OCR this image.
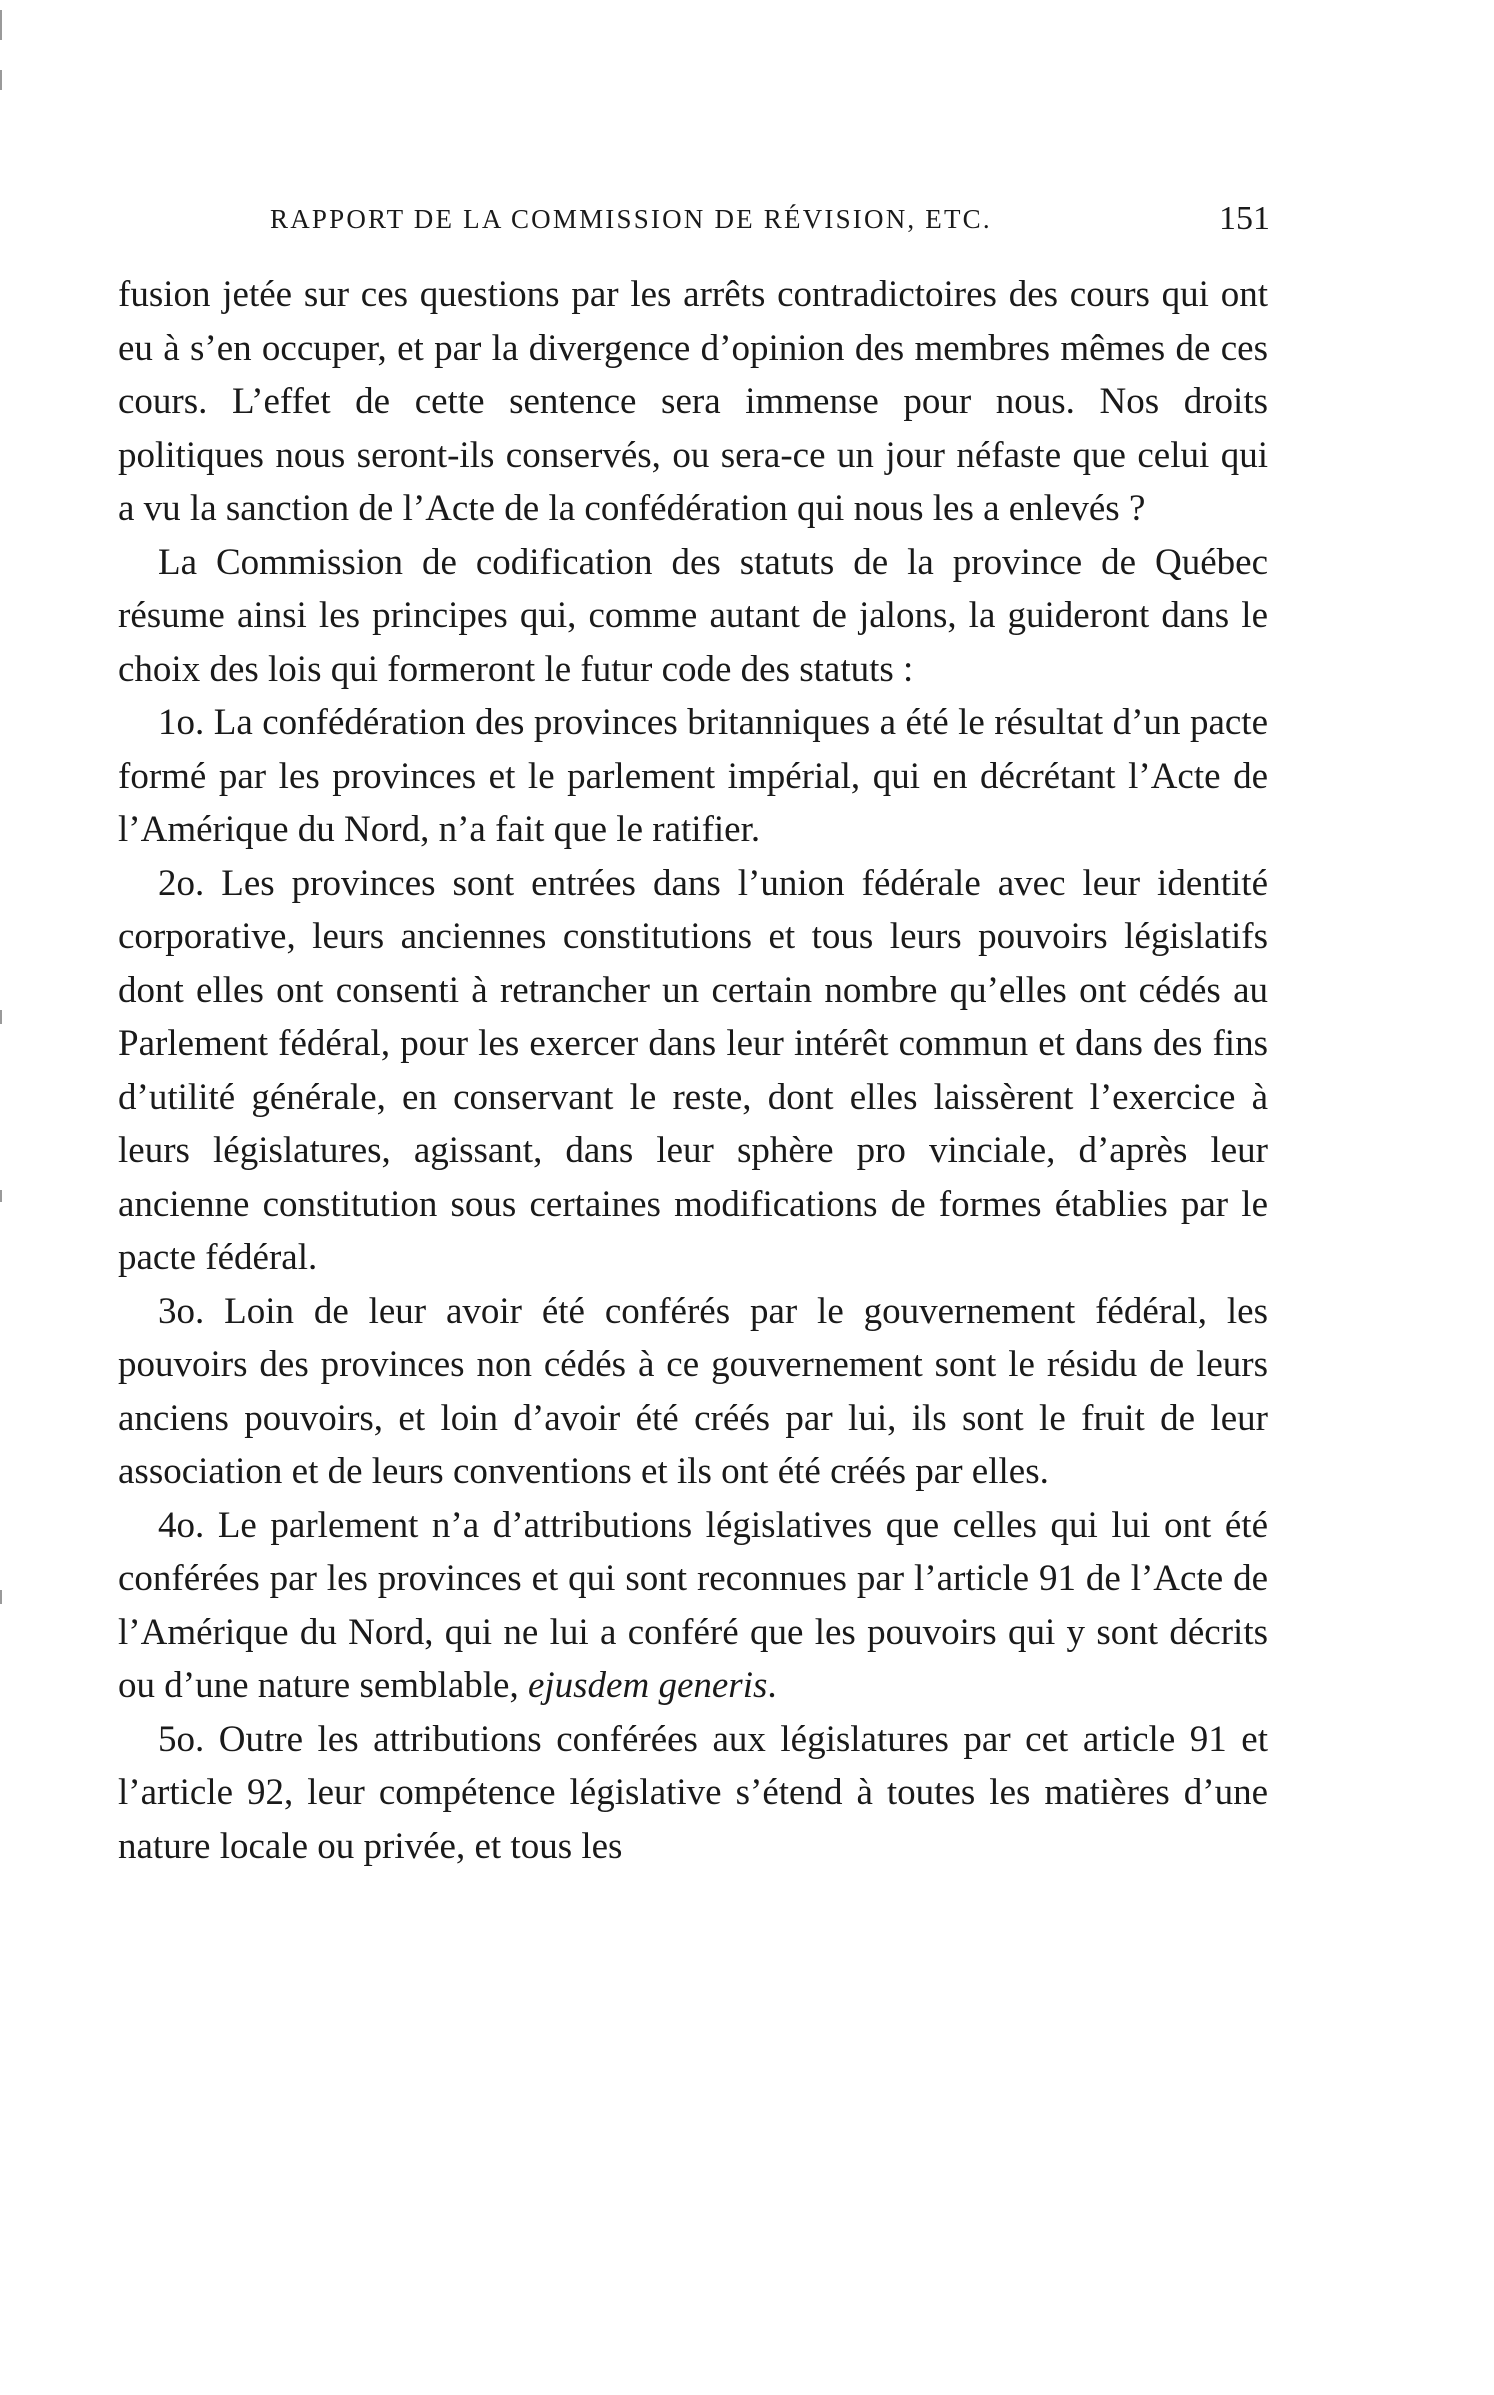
RAPPORT DE LA COMMISSION DE RÉVISION, ETC.	151

fusion jetée sur ces questions par les arrêts contradictoires des cours qui ont eu à s’en occuper, et par la divergence d’opinion des membres mêmes de ces cours. L’effet de cette sentence sera immense pour nous. Nos droits politiques nous seront-ils conservés, ou sera-ce un jour néfaste que celui qui a vu la sanction de l’Acte de la confédération qui nous les a enlevés ?

La Commission de codification des statuts de la province de Québec résume ainsi les principes qui, comme autant de jalons, la guideront dans le choix des lois qui formeront le futur code des statuts :

1o. La confédération des provinces britanniques a été le résultat d’un pacte formé par les provinces et le parlement impérial, qui en décrétant l’Acte de l’Amérique du Nord, n’a fait que le ratifier.

2o. Les provinces sont entrées dans l’union fédérale avec leur identité corporative, leurs anciennes constitutions et tous leurs pouvoirs législatifs dont elles ont consenti à retrancher un certain nombre qu’elles ont cédés au Parlement fédéral, pour les exercer dans leur intérêt commun et dans des fins d’utilité générale, en conservant le reste, dont elles laissèrent l’exercice à leurs législatures, agissant, dans leur sphère pro vinciale, d’après leur ancienne constitution sous certaines modifications de formes établies par le pacte fédéral.

3o. Loin de leur avoir été conférés par le gouvernement fédéral, les pouvoirs des provinces non cédés à ce gouvernement sont le résidu de leurs anciens pouvoirs, et loin d’avoir été créés par lui, ils sont le fruit de leur association et de leurs conventions et ils ont été créés par elles.

4o. Le parlement n’a d’attributions législatives que celles qui lui ont été conférées par les provinces et qui sont reconnues par l’article 91 de l’Acte de l’Amérique du Nord, qui ne lui a conféré que les pouvoirs qui y sont décrits ou d’une nature semblable, ejusdem generis.

5o. Outre les attributions conférées aux législatures par cet article 91 et l’article 92, leur compétence législative s’étend à toutes les matières d’une nature locale ou privée, et tous les
